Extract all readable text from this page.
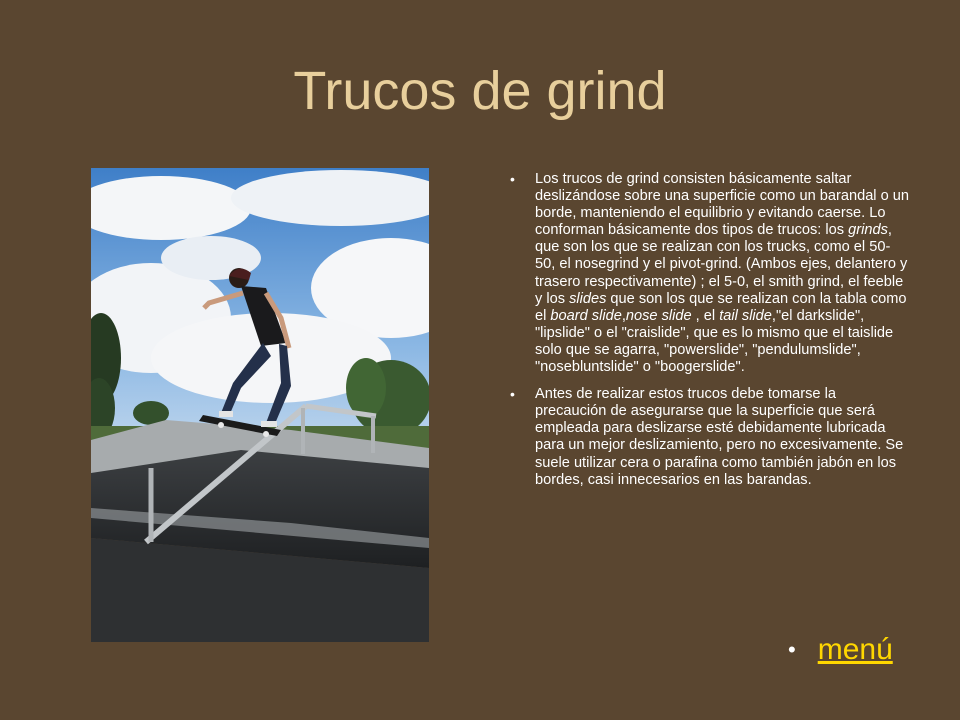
Trucos de grind
• Los trucos de grind consisten básicamente saltar deslizándose sobre una superficie como un barandal o un borde, manteniendo el equilibrio y evitando caerse. Lo conforman básicamente dos tipos de trucos: los grinds, que son los que se realizan con los trucks, como el 50-50, el nosegrind y el pivot-grind. (Ambos ejes, delantero y trasero respectivamente) ; el 5-0, el smith grind, el feeble y los slides que son los que se realizan con la tabla como el board slide,nose slide , el tail slide,"el darkslide", "lipslide" o el "craislide", que es lo mismo que el taislide solo que se agarra, "powerslide", "pendulumslide", "nosebluntslide" o "boogerslide".
• Antes de realizar estos trucos debe tomarse la precaución de asegurarse que la superficie que será empleada para deslizarse esté debidamente lubricada para un mejor deslizamiento, pero no excesivamente. Se suele utilizar cera o parafina como también jabón en los bordes, casi innecesarios en las barandas.
• menú
